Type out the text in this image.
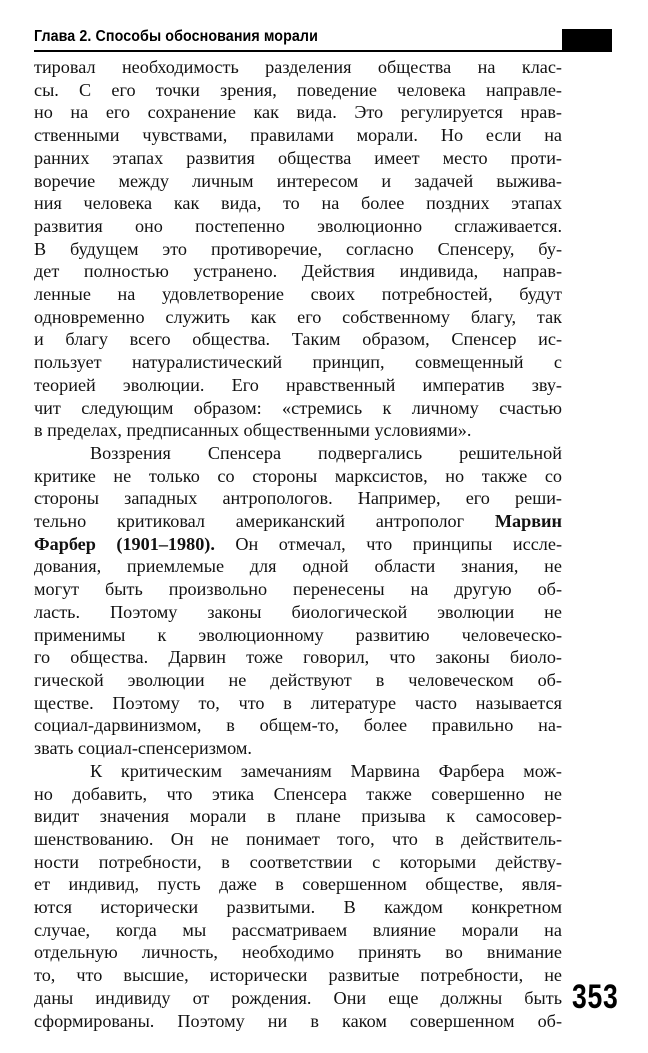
Глава 2. Способы обоснования морали
тировал необходимость разделения общества на клас-
сы. С его точки зрения, поведение человека направле-
но на его сохранение как вида. Это регулируется нрав-
ственными чувствами, правилами морали. Но если на
ранних этапах развития общества имеет место проти-
воречие между личным интересом и задачей выжива-
ния человека как вида, то на более поздних этапах
развития оно постепенно эволюционно сглаживается.
В будущем это противоречие, согласно Спенсеру, бу-
дет полностью устранено. Действия индивида, направ-
ленные на удовлетворение своих потребностей, будут
одновременно служить как его собственному благу, так
и благу всего общества. Таким образом, Спенсер ис-
пользует натуралистический принцип, совмещенный с
теорией эволюции. Его нравственный императив зву-
чит следующим образом: «стремись к личному счастью
в пределах, предписанных общественными условиями».
Воззрения Спенсера подвергались решительной
критике не только со стороны марксистов, но также со
стороны западных антропологов. Например, его реши-
тельно критиковал американский антрополог Марвин
Фарбер (1901–1980). Он отмечал, что принципы иссле-
дования, приемлемые для одной области знания, не
могут быть произвольно перенесены на другую об-
ласть. Поэтому законы биологической эволюции не
применимы к эволюционному развитию человеческо-
го общества. Дарвин тоже говорил, что законы биоло-
гической эволюции не действуют в человеческом об-
ществе. Поэтому то, что в литературе часто называется
социал-дарвинизмом, в общем-то, более правильно на-
звать социал-спенсеризмом.
К критическим замечаниям Марвина Фарбера мож-
но добавить, что этика Спенсера также совершенно не
видит значения морали в плане призыва к самосовер-
шенствованию. Он не понимает того, что в действитель-
ности потребности, в соответствии с которыми действу-
ет индивид, пусть даже в совершенном обществе, явля-
ются исторически развитыми. В каждом конкретном
случае, когда мы рассматриваем влияние морали на
отдельную личность, необходимо принять во внимание
то, что высшие, исторически развитые потребности, не
даны индивиду от рождения. Они еще должны быть
сформированы. Поэтому ни в каком совершенном об-
353
